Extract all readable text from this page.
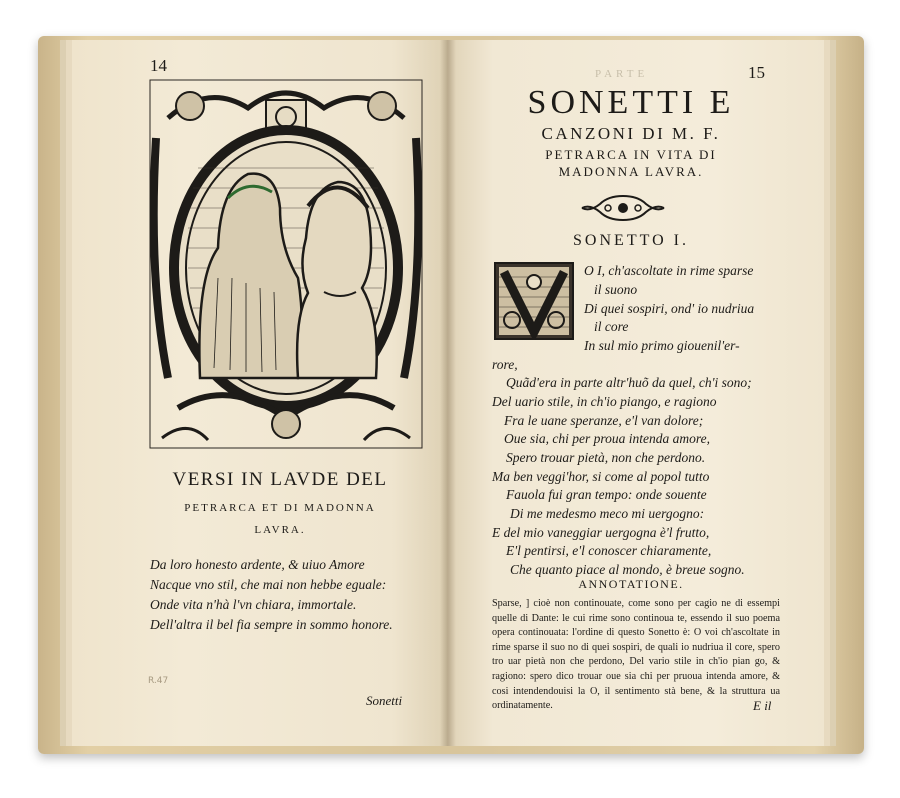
14
VERSI IN LAVDE DEL
PETRARCA ET DI MADONNA
LAVRA.
Da loro honesto ardente, & uiuo Amore
Nacque vno stil, che mai non hebbe eguale:
Onde vita n'hà l'vn chiara, immortale.
Dell'altra il bel fia sempre in sommo honore.
R.47
Sonetti
PARTE	15
SONETTI E
CANZONI DI M. F.
PETRARCA IN VITA DI
MADONNA LAVRA.
SONETTO I.
O I, ch'ascoltate in rime sparse
il suono
Di quei sospiri, ond' io nudriua
il core
In sul mio primo giouenil'er-
rore,
Quãd'era in parte altr'huõ da quel, ch'i sono;
Del uario stile, in ch'io piango, e ragiono
Fra le uane speranze, e'l van dolore;
Oue sia, chi per proua intenda amore,
Spero trouar pietà, non che perdono.
Ma ben veggi'hor, si come al popol tutto
Fauola fui gran tempo: onde souente
Di me medesmo meco mi uergogno:
E del mio vaneggiar uergogna è'l frutto,
E'l pentirsi, e'l conoscer chiaramente,
Che quanto piace al mondo, è breue sogno.
ANNOTATIONE.
Sparse, ] cioè non continouate, come sono per cagio ne di essempi quelle di Dante: le cui rime sono continoua te, essendo il suo poema opera continouata: l'ordine di questo Sonetto è: O voi ch'ascoltate in rime sparse il suo no di quei sospiri, de quali io nudriua il core, spero tro uar pietà non che perdono, Del vario stile in ch'io pian go, & ragiono: spero dico trouar oue sia chi per pruoua intenda amore, & cosi intendendouisi la O, il sentimento stà bene, & la struttura ua ordinatamente.	E il
